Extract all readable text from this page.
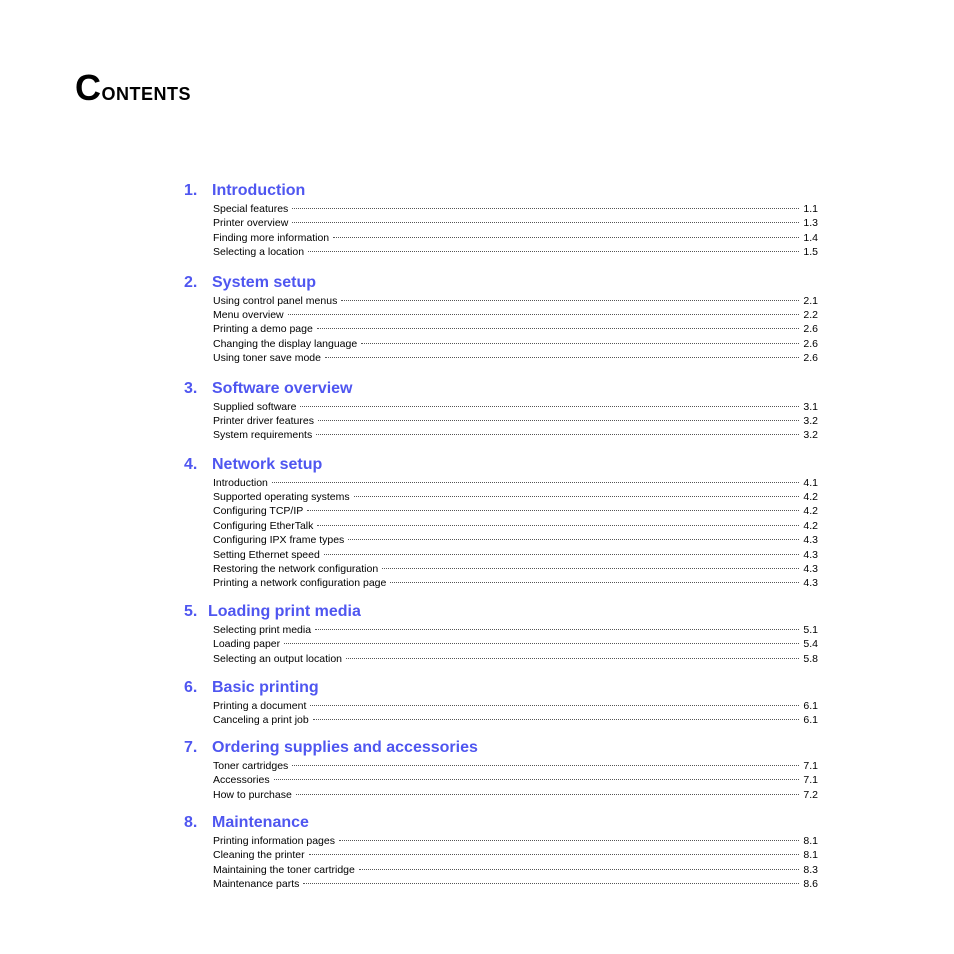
Contents
1. Introduction
Special features	1.1
Printer overview	1.3
Finding more information	1.4
Selecting a location	1.5
2. System setup
Using control panel menus	2.1
Menu overview	2.2
Printing a demo page	2.6
Changing the display language	2.6
Using toner save mode	2.6
3. Software overview
Supplied software	3.1
Printer driver features	3.2
System requirements	3.2
4. Network setup
Introduction	4.1
Supported operating systems	4.2
Configuring TCP/IP	4.2
Configuring EtherTalk	4.2
Configuring IPX frame types	4.3
Setting Ethernet speed	4.3
Restoring the network configuration	4.3
Printing a network configuration page	4.3
5. Loading print media
Selecting print media	5.1
Loading paper	5.4
Selecting an output location	5.8
6. Basic printing
Printing a document	6.1
Canceling a print job	6.1
7. Ordering supplies and accessories
Toner cartridges	7.1
Accessories	7.1
How to purchase	7.2
8. Maintenance
Printing information pages	8.1
Cleaning the printer	8.1
Maintaining the toner cartridge	8.3
Maintenance parts	8.6
